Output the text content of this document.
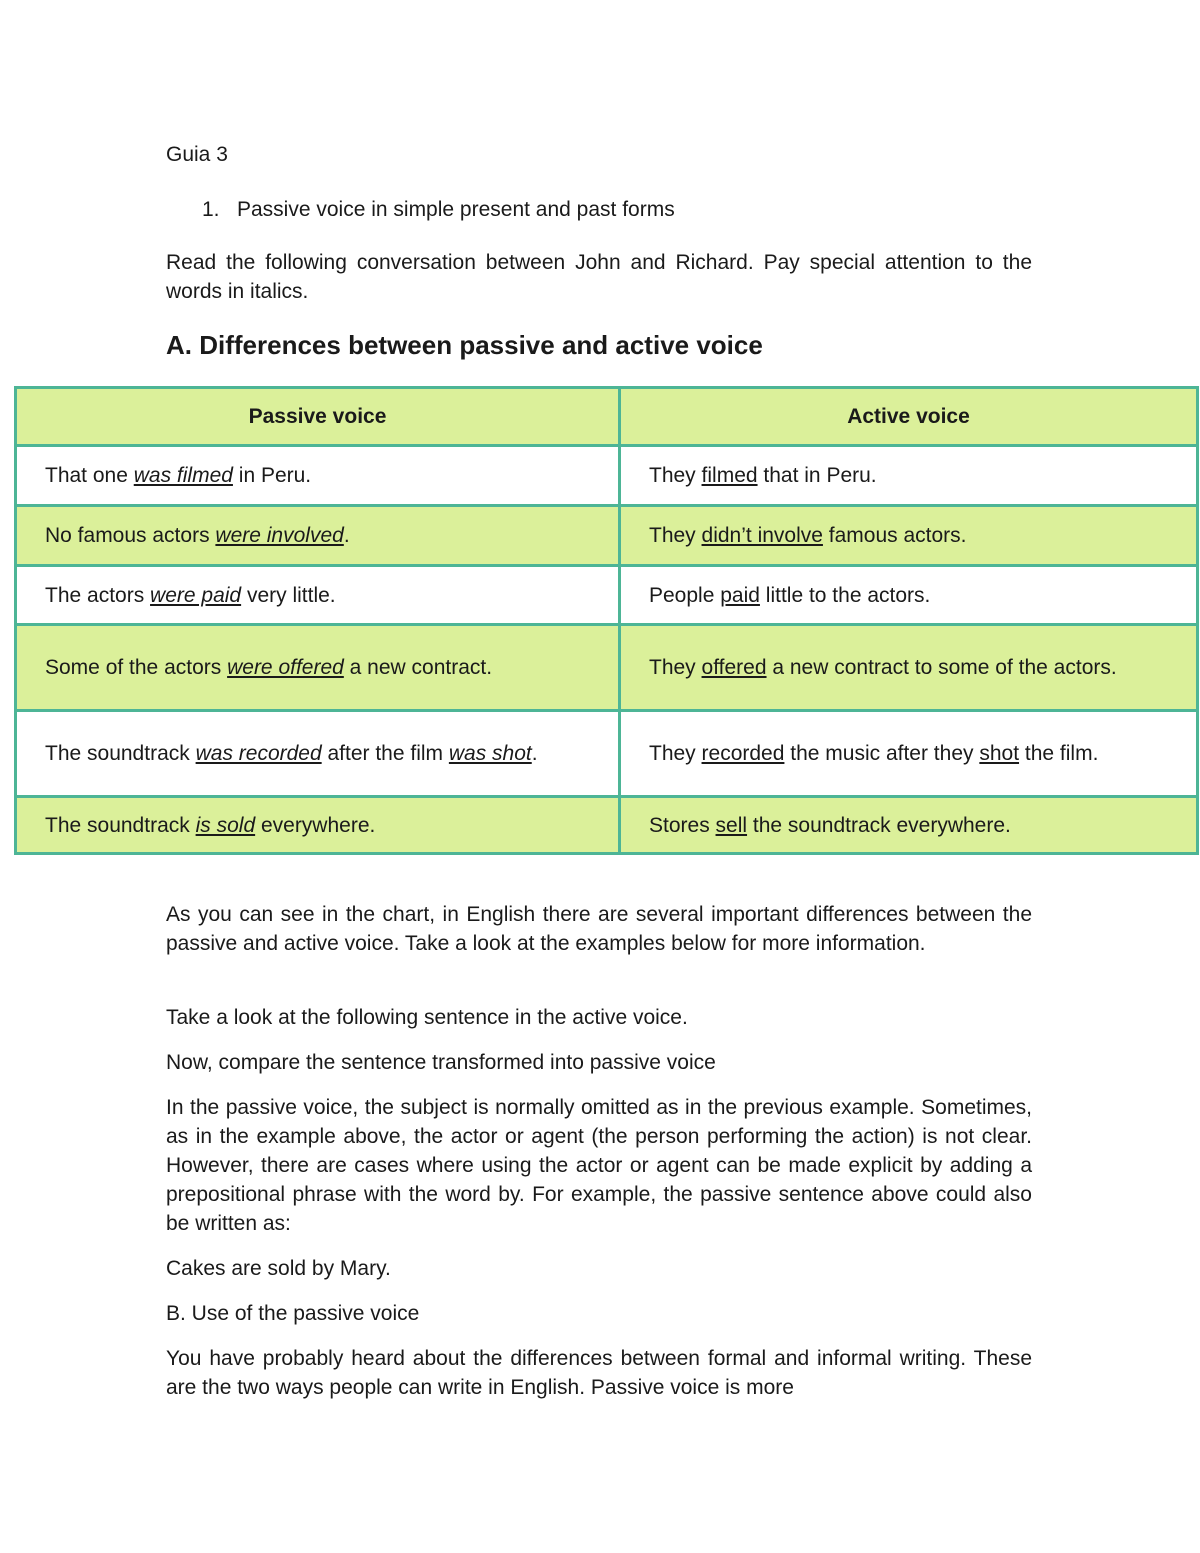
Guia 3
1. Passive voice in simple present and past forms
Read the following conversation between John and Richard. Pay special attention to the words in italics.
A. Differences between passive and active voice
Passive voice	Active voice
That one was filmed in Peru.	They filmed that in Peru.
No famous actors were involved.	They didn’t involve famous actors.
The actors were paid very little.	People paid little to the actors.
Some of the actors were offered a new contract.	They offered a new contract to some of the actors.
The soundtrack was recorded after the film was shot.	They recorded the music after they shot the film.
The soundtrack is sold everywhere.	Stores sell the soundtrack everywhere.
As you can see in the chart, in English there are several important differences between the passive and active voice. Take a look at the examples below for more information.
Take a look at the following sentence in the active voice.
Now, compare the sentence transformed into passive voice
In the passive voice, the subject is normally omitted as in the previous example. Sometimes, as in the example above, the actor or agent (the person performing the action) is not clear. However, there are cases where using the actor or agent can be made explicit by adding a prepositional phrase with the word by. For example, the passive sentence above could also be written as:
Cakes are sold by Mary.
B. Use of the passive voice
You have probably heard about the differences between formal and informal writing. These are the two ways people can write in English. Passive voice is more
